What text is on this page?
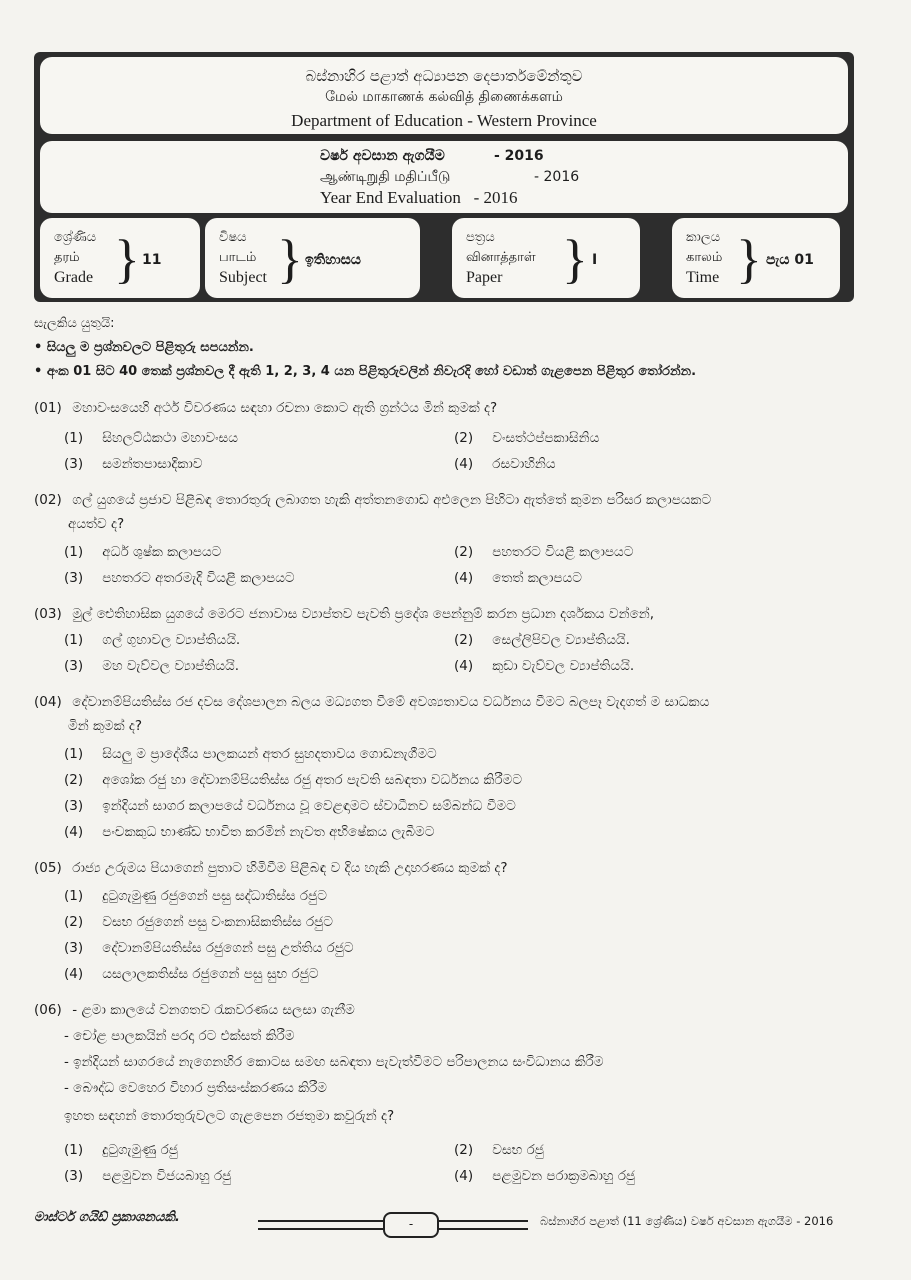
බස්නාහිර පළාත් අධ්‍යාපන දෙපාර්තමේන්තුව
மேல் மாகாணக் கல்வித் திணைக்களம்
Department of Education - Western Province
වර්ෂ අවසාන ඇගයීම	- 2016
ஆண்டிறுதி மதிப்பீடு	- 2016
Year End Evaluation   - 2016
ශ්‍රේණිය
தரம்
Grade } 11
විෂය
பாடம்
Subject } ඉතිහාසය
පත්‍රය
வினாத்தாள்
Paper	} I
කාලය
காலம்
Time } පැය 01
සැලකිය යුතුයි:
• සියලු ම ප්‍රශ්නවලට පිළිතුරු සපයන්න.
• අංක 01 සිට 40 තෙක් ප්‍රශ්නවල දී ඇති 1, 2, 3, 4 යන පිළිතුරුවලින් නිවැරදි හෝ වඩාත් ගැළපෙන පිළිතුර තෝරන්න.
(01) මහාවංසයෙහි අර්ථ විවරණය සඳහා රචනා කොට ඇති ග්‍රන්ථය මින් කුමක් ද?
(1) සිහලට්ඨකථා මහාවංසය	(2) වංසත්ථප්පකාසිනිය
(3) සමන්තපාසාදිකාව	(4) රසවාහිනිය
(02) ගල් යුගයේ ප්‍රජාව පිළිබඳ තොරතුරු ලබාගත හැකි අත්තනගොඩ අළුලෙන පිහිටා ඇත්තේ කුමන පරිසර කලාපයකට
අයත්ව ද?
(1) අර්ධ ශුෂ්ක කලාපයට	(2) පහතරට වියළි කලාපයට
(3) පහතරට අතරමැදි වියළි කලාපයට	(4) තෙත් කලාපයට
(03) මුල් ඓතිහාසික යුගයේ මෙරට ජනාවාස ව්‍යාප්තව පැවති ප්‍රදේශ පෙන්නුම් කරන ප්‍රධාන දර්ශකය වන්නේ,
(1) ගල් ගුහාවල ව්‍යාප්තියයි.	(2) සෙල්ලිපිවල ව්‍යාප්තියයි.
(3) මහ වැව්වල ව්‍යාප්තියයි.	(4) කුඩා වැව්වල ව්‍යාප්තියයි.
(04) දේවානම්පියතිස්ස රජ දවස දේශපාලන බලය මධ්‍යගත වීමේ අවශ්‍යතාවය වර්ධනය වීමට බලපෑ වැදගත් ම සාධකය
මින් කුමක් ද?
(1) සියලු ම ප්‍රාදේශීය පාලකයන් අතර සුහදතාවය ගොඩනැගීමට
(2) අශෝක රජු හා දේවානම්පියතිස්ස රජු අතර පැවති සබඳතා වර්ධනය කිරීමට
(3) ඉන්දියන් සාගර කලාපයේ වර්ධනය වූ වෙළඳාමට ස්වාධීනව සම්බන්ධ වීමට
(4) පංචකකුධ භාණ්ඩ භාවිත කරමින් නැවත අභිෂේකය ලැබීමට
(05) රාජ්‍ය උරුමය පියාගෙන් පුතාට හිමිවීම පිළිබඳ ව දිය හැකි උදාහරණය කුමක් ද?
(1) දුටුගැමුණු රජුගෙන් පසු සද්ධාතිස්ස රජුට
(2) වසභ රජුගෙන් පසු වංකනාසිකතිස්ස රජුට
(3) දේවානම්පියතිස්ස රජුගෙන් පසු උත්තිය රජුට
(4) යසලාලකතිස්ස රජුගෙන් පසු සුභ රජුට
(06) - ළමා කාලයේ වනගතව රැකවරණය සලසා ගැනීම
- චෝළ පාලකයින් පරදා රට එක්සත් කිරීම
- ඉන්දියන් සාගරයේ නැගෙනහිර කොටස සමඟ සබඳතා පැවැත්වීමට පරිපාලනය සංවිධානය කිරීම
- බෞද්ධ වෙහෙර විහාර ප්‍රතිසංස්කරණය කිරීම
ඉහත සඳහන් තොරතුරුවලට ගැළපෙන රජතුමා කවුරුන් ද?
(1) දුටුගැමුණු රජු	(2) වසභ රජු
(3) පළමුවන විජයබාහු රජු	(4) පළමුවන පරාක්‍රමබාහු රජු
මාස්ටර් ගයිඩ් ප්‍රකාශනයකි.	-	බස්නාහිර පළාත් (11 ශ්‍රේණිය) වර්ෂ අවසාන ඇගයීම - 2016
